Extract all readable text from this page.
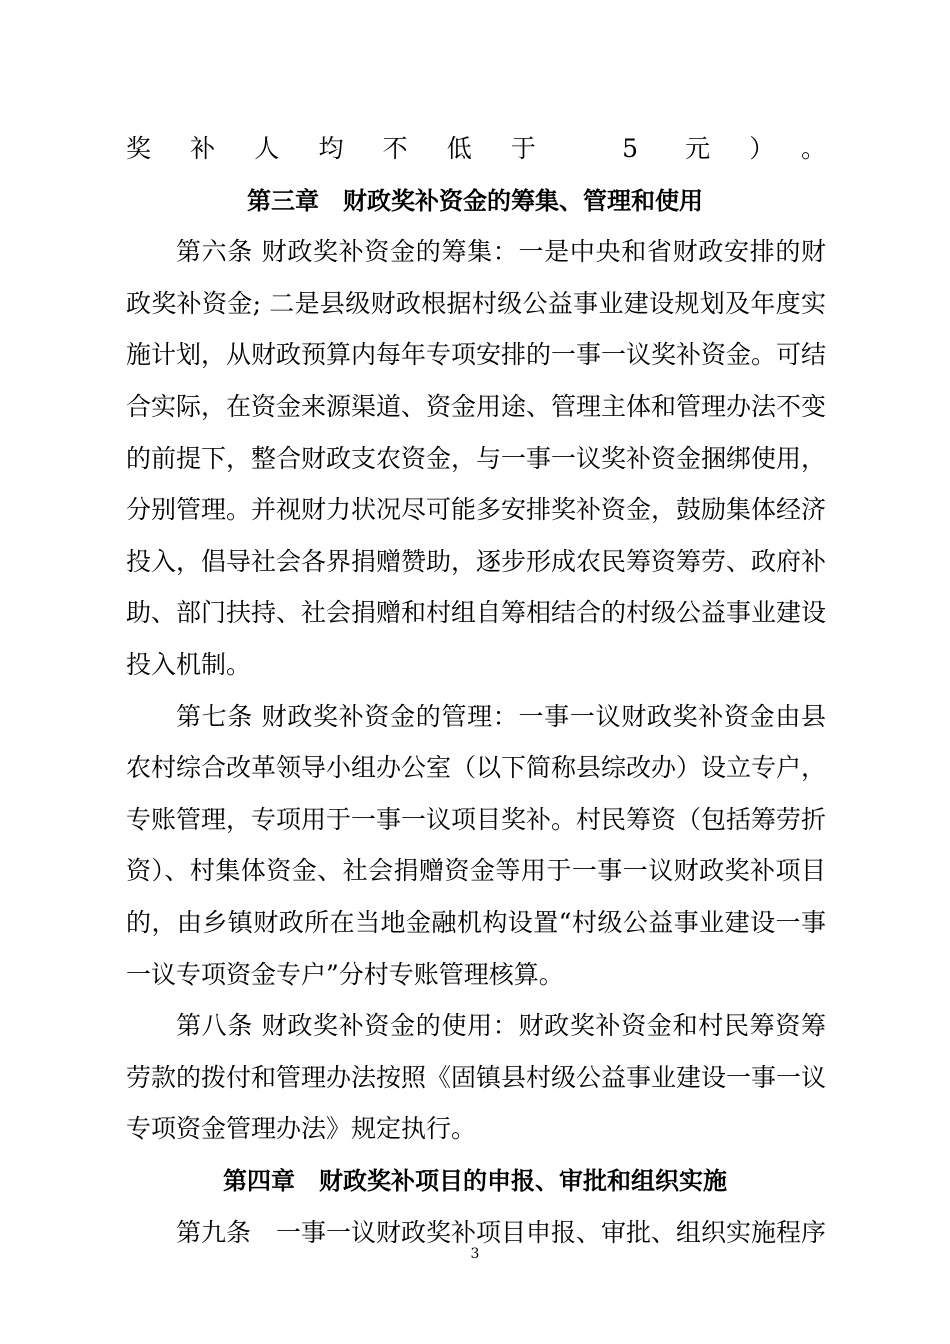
奖补人均不低于 5 元）。
第三章　财政奖补资金的筹集、管理和使用
第六条 财政奖补资金的筹集：一是中央和省财政安排的财
政奖补资金; 二是县级财政根据村级公益事业建设规划及年度实
施计划，从财政预算内每年专项安排的一事一议奖补资金。可结
合实际，在资金来源渠道、资金用途、管理主体和管理办法不变
的前提下，整合财政支农资金，与一事一议奖补资金捆绑使用，
分别管理。并视财力状况尽可能多安排奖补资金，鼓励集体经济
投入，倡导社会各界捐赠赞助，逐步形成农民筹资筹劳、政府补
助、部门扶持、社会捐赠和村组自筹相结合的村级公益事业建设
投入机制。
第七条 财政奖补资金的管理：一事一议财政奖补资金由县
农村综合改革领导小组办公室（以下简称县综改办）设立专户，
专账管理，专项用于一事一议项目奖补。村民筹资（包括筹劳折
资）、村集体资金、社会捐赠资金等用于一事一议财政奖补项目
的，由乡镇财政所在当地金融机构设置“村级公益事业建设一事
一议专项资金专户”分村专账管理核算。
第八条 财政奖补资金的使用：财政奖补资金和村民筹资筹
劳款的拨付和管理办法按照《固镇县村级公益事业建设一事一议
专项资金管理办法》规定执行。
第四章　财政奖补项目的申报、审批和组织实施
第九条　一事一议财政奖补项目申报、审批、组织实施程序
3
